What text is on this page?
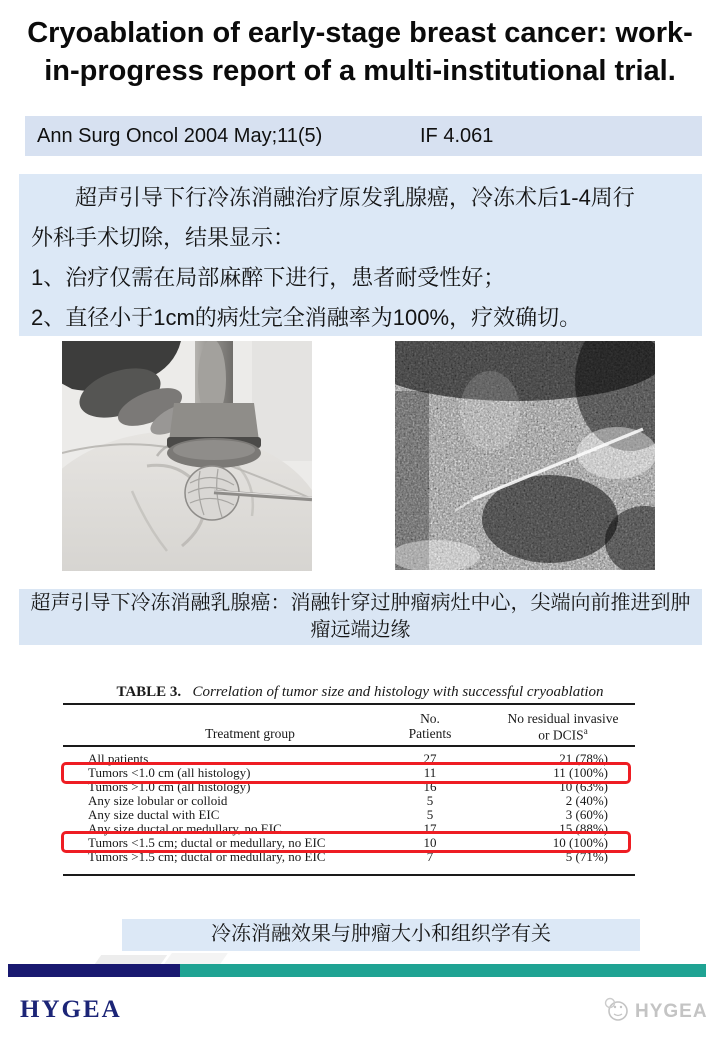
Cryoablation of early-stage breast cancer: work-
in-progress report of a multi-institutional trial.
Ann Surg Oncol 2004 May;11(5)	IF 4.061
超声引导下行冷冻消融治疗原发乳腺癌，冷冻术后1-4周行
外科手术切除，结果显示：
1、治疗仅需在局部麻醉下进行，患者耐受性好；
2、直径小于1cm的病灶完全消融率为100%，疗效确切。
超声引导下冷冻消融乳腺癌：消融针穿过肿瘤病灶中心，尖端向前推进到肿瘤远端边缘
TABLE 3. Correlation of tumor size and histology with successful cryoablation
Treatment group
No.
Patients
No residual invasive
or DCIS$^a$
All patients	27	21 (78%)
Tumors <1.0 cm (all histology)	11	11 (100%)
Tumors >1.0 cm (all histology)	16	10 (63%)
Any size lobular or colloid	5	2 (40%)
Any size ductal with EIC	5	3 (60%)
Any size ductal or medullary, no EIC	17	15 (88%)
Tumors <1.5 cm; ductal or medullary, no EIC	10	10 (100%)
Tumors >1.5 cm; ductal or medullary, no EIC	7	5 (71%)
冷冻消融效果与肿瘤大小和组织学有关
HYGEA	HYGEA
